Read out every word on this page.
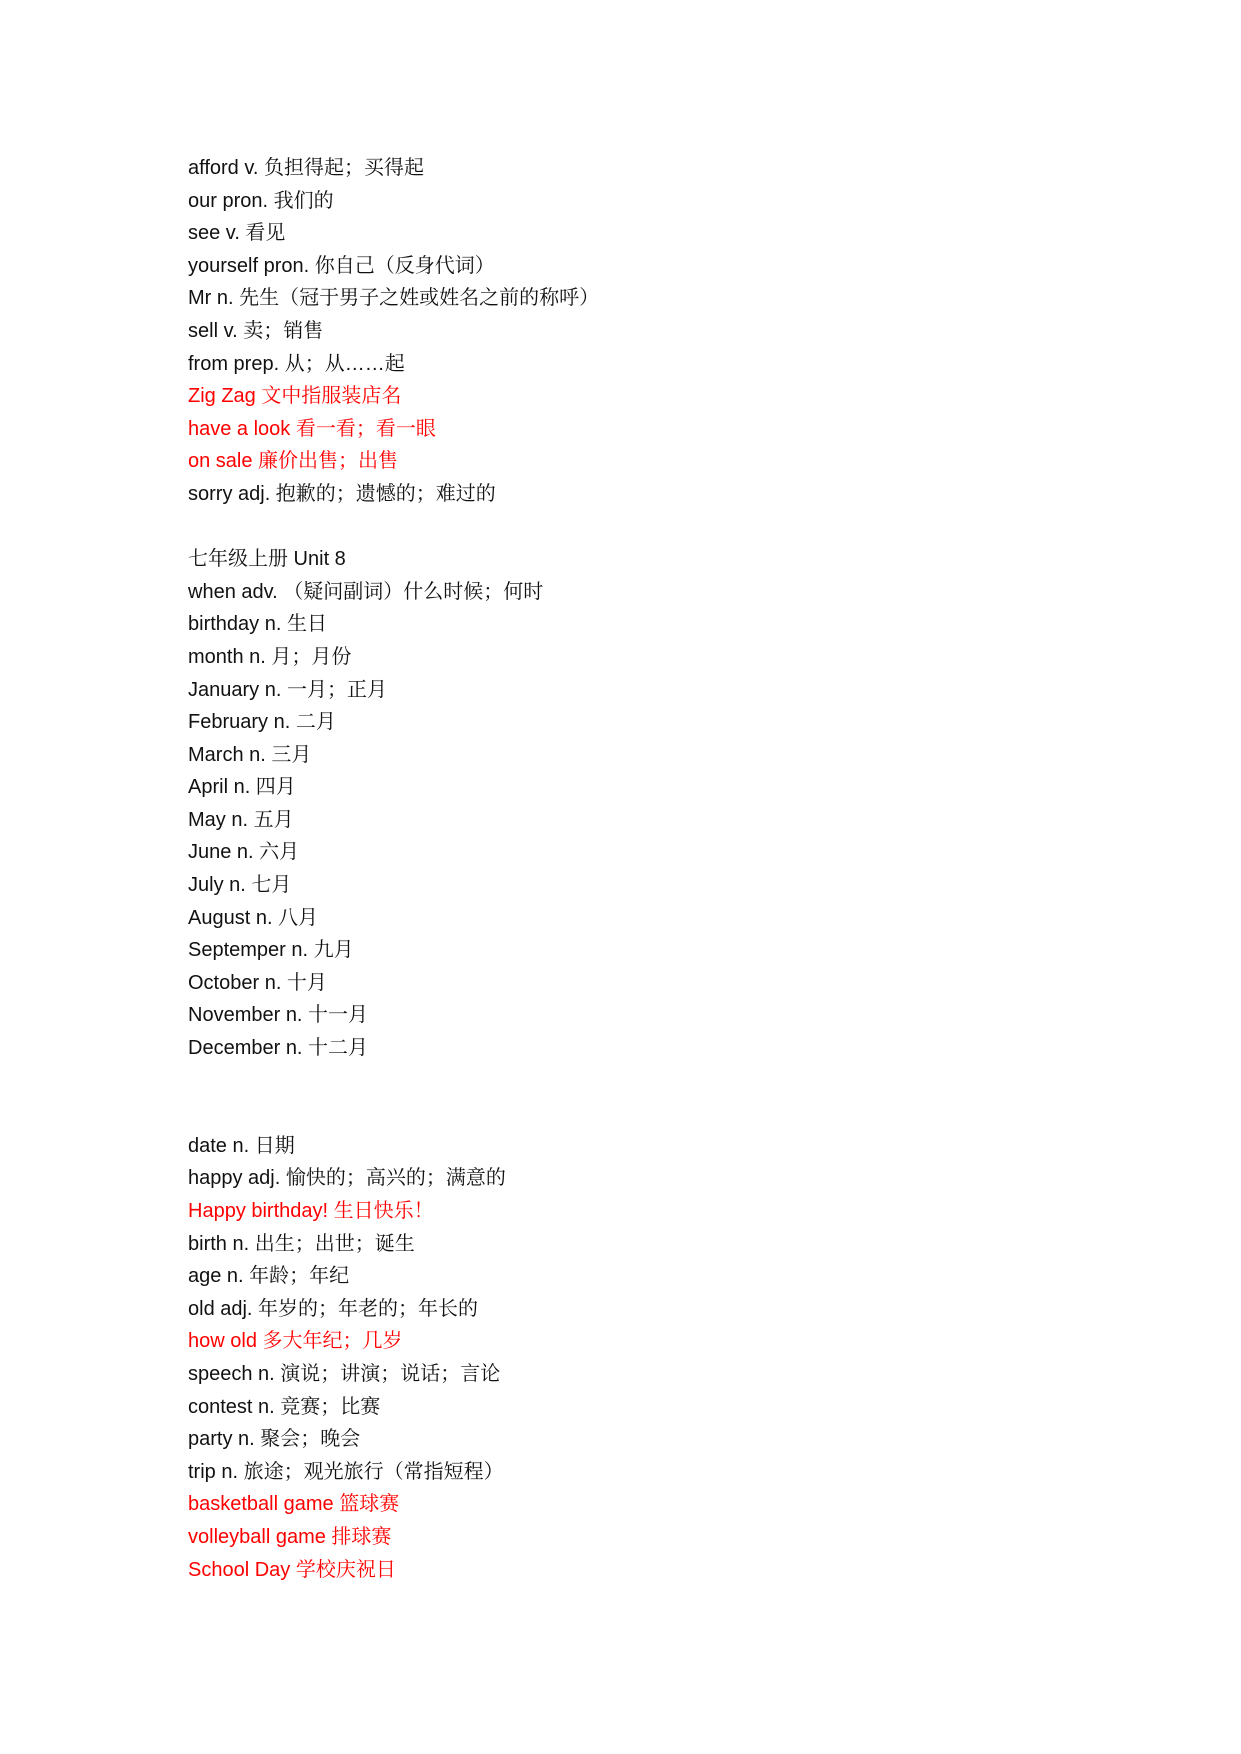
afford v. 负担得起；买得起
our pron. 我们的
see v. 看见
yourself pron. 你自己（反身代词）
Mr n. 先生（冠于男子之姓或姓名之前的称呼）
sell v. 卖；销售
from prep. 从；从……起
Zig Zag 文中指服装店名
have a look 看一看；看一眼
on sale 廉价出售；出售
sorry adj. 抱歉的；遗憾的；难过的
七年级上册 Unit 8
when adv. （疑问副词）什么时候；何时
birthday n. 生日
month n. 月；月份
January n. 一月；正月
February n. 二月
March n. 三月
April n. 四月
May n. 五月
June n. 六月
July n. 七月
August n. 八月
Septemper n. 九月
October n. 十月
November n. 十一月
December n. 十二月
date n. 日期
happy adj. 愉快的；高兴的；满意的
Happy birthday! 生日快乐！
birth n. 出生；出世；诞生
age n. 年龄；年纪
old adj. 年岁的；年老的；年长的
how old 多大年纪；几岁
speech n. 演说；讲演；说话；言论
contest n. 竞赛；比赛
party n. 聚会；晚会
trip n. 旅途；观光旅行（常指短程）
basketball game 篮球赛
volleyball game 排球赛
School Day 学校庆祝日
